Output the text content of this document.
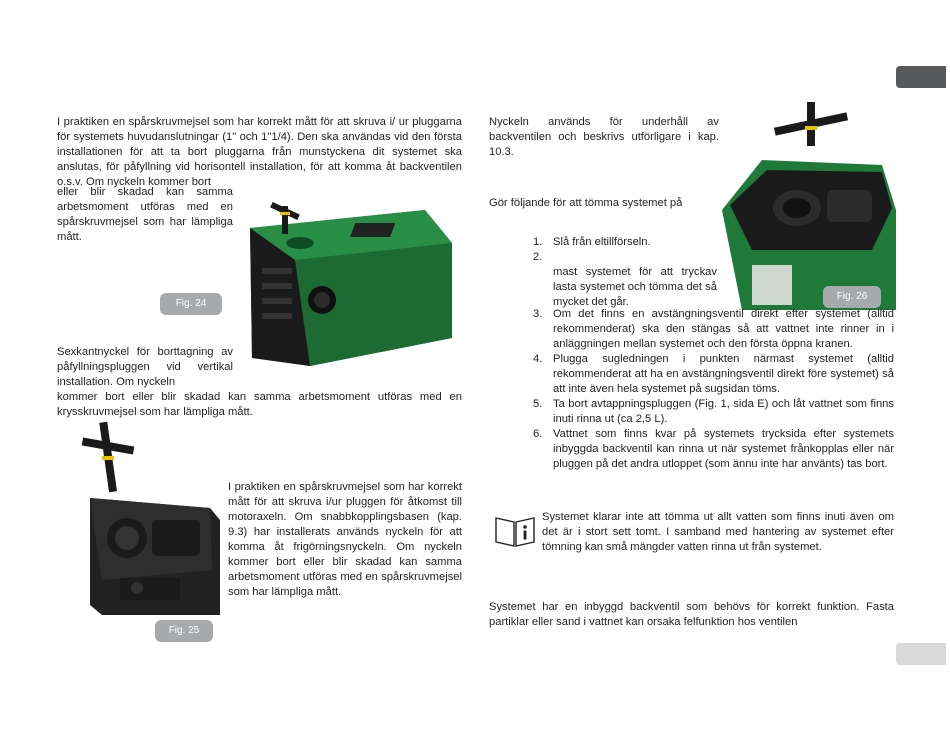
I praktiken en spårskruvmejsel som har korrekt mått för att skruva i/ ur pluggarna för systemets huvudanslutningar (1" och 1"1/4). Den ska användas vid den första installationen för att ta bort pluggarna från munstyckena dit systemet ska anslutas, för påfyllning vid horisontell installation, för att komma åt backventilen o.s.v. Om nyckeln kommer bort
eller blir skadad kan samma arbetsmoment utföras med en spårskruvmejsel som har lämpliga mått.
Fig. 24
Sexkantnyckel för borttagning av påfyllningspluggen vid vertikal installation. Om nyckeln
kommer bort eller blir skadad kan samma arbetsmoment utföras med en krysskruvmejsel som har lämpliga mått.
I praktiken en spårskruvmejsel som har korrekt mått för att skruva i/ur pluggen för åtkomst till motoraxeln. Om snabbkopplingsbasen (kap. 9.3) har installerats används nyckeln för att komma åt frigörningsnyckeln. Om nyckeln kommer bort eller blir skadad kan samma arbetsmoment utföras med en spårskruvmejsel som har lämpliga mått.
Fig. 25
Nyckeln används för underhåll av backventilen och beskrivs utförligare i kap. 10.3.
Gör följande för att tömma systemet på
Fig. 26
1. Slå från eltillförseln.
2.

mast systemet för att tryckav lasta systemet och tömma det så mycket det går.
3. Om det finns en avstängningsventil direkt efter systemet (alltid rekommenderat) ska den stängas så att vattnet inte rinner in i anläggningen mellan systemet och den första öppna kranen.
4. Plugga sugledningen i punkten närmast systemet (alltid rekommenderat att ha en avstängningsventil direkt före systemet) så att inte även hela systemet på sugsidan töms.
5. Ta bort avtappningspluggen (Fig. 1, sida E) och låt vattnet som finns inuti rinna ut (ca 2,5 L).
6. Vattnet som finns kvar på systemets trycksida efter systemets inbyggda backventil kan rinna ut när systemet frånkopplas eller när pluggen på det andra utloppet (som ännu inte har använts) tas bort.
Systemet klarar inte att tömma ut allt vatten som finns inuti även om det är i stort sett tomt. I samband med hantering av systemet efter tömning kan små mängder vatten rinna ut från systemet.
Systemet har en inbyggd backventil som behövs för korrekt funktion. Fasta partiklar eller sand i vattnet kan orsaka felfunktion hos ventilen
